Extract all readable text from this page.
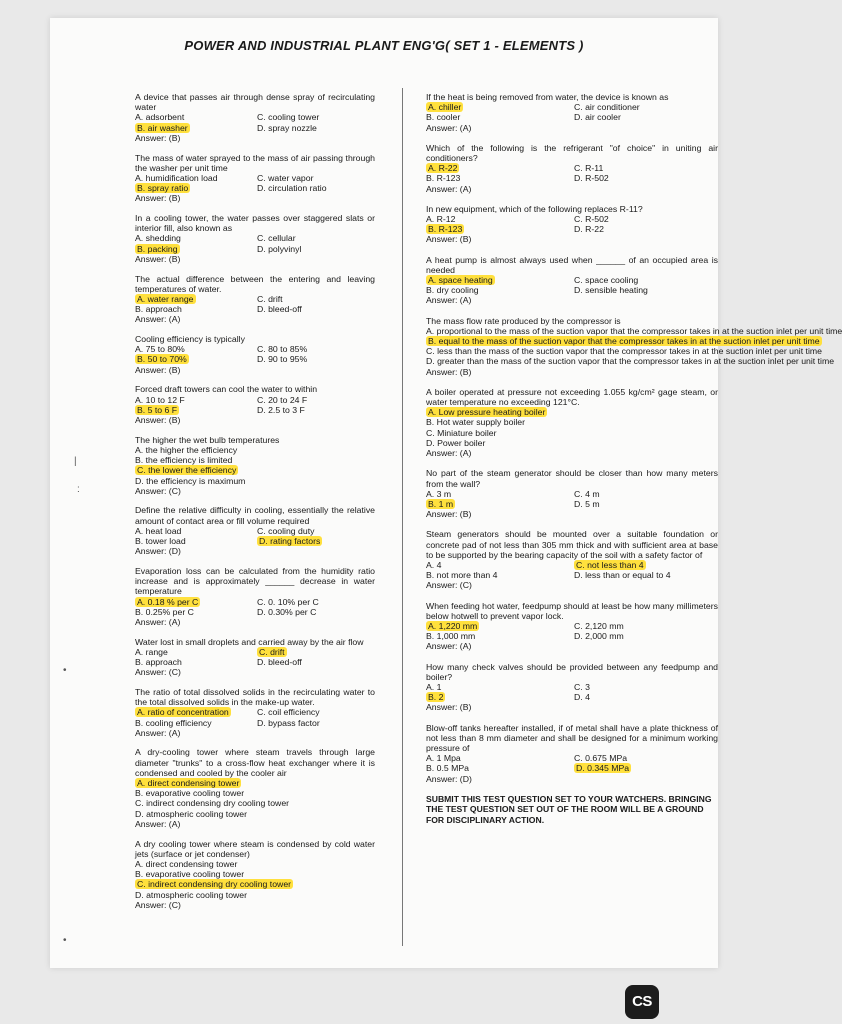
POWER AND INDUSTRIAL PLANT ENG'G( SET 1 - ELEMENTS )
A device that passes air through dense spray of recirculating water
A. adsorbent	C. cooling tower
B. air washer	D. spray nozzle
Answer: (B)
The mass of water sprayed to the mass of air passing through the washer per unit time
A. humidification load	C. water vapor
B. spray ratio	D. circulation ratio
Answer: (B)
In a cooling tower, the water passes over staggered slats or interior fill, also known as
A. shedding	C. cellular
B. packing	D. polyvinyl
Answer: (B)
The actual difference between the entering and leaving temperatures of water.
A. water range	C. drift
B. approach	D. bleed-off
Answer: (A)
Cooling efficiency is typically
A. 75 to 80%	C. 80 to 85%
B. 50 to 70%	D. 90 to 95%
Answer: (B)
Forced draft towers can cool the water to within
A. 10 to 12 F	C. 20 to 24 F
B. 5 to 6 F	D. 2.5 to 3 F
Answer: (B)
The higher the wet bulb temperatures
A. the higher the efficiency
B. the efficiency is limited
C. the lower the efficiency
D. the efficiency is maximum
Answer: (C)
Define the relative difficulty in cooling, essentially the relative amount of contact area or fill volume required
A. heat load	C. cooling duty
B. tower load	D. rating factors
Answer: (D)
Evaporation loss can be calculated from the humidity ratio increase and is approximately ______ decrease in water temperature
A. 0.18 % per C	C. 0. 10% per C
B. 0.25% per C	D. 0.30% per C
Answer: (A)
Water lost in small droplets and carried away by the air flow
A. range	C. drift
B. approach	D. bleed-off
Answer: (C)
The ratio of total dissolved solids in the recirculating water to the total dissolved solids in the make-up water.
A. ratio of concentration	C. coil efficiency
B. cooling efficiency	D. bypass factor
Answer: (A)
A dry-cooling tower where steam travels through large diameter "trunks" to a cross-flow heat exchanger where it is condensed and cooled by the cooler air
A. direct condensing tower
B. evaporative cooling tower
C. indirect condensing dry cooling tower
D. atmospheric cooling tower
Answer: (A)
A dry cooling tower where steam is condensed by cold water jets (surface or jet condenser)
A. direct condensing tower
B. evaporative cooling tower
C. indirect condensing dry cooling tower
D. atmospheric cooling tower
Answer: (C)
If the heat is being removed from water, the device is known as
A. chiller	C. air conditioner
B. cooler	D. air cooler
Answer: (A)
Which of the following is the refrigerant "of choice" in uniting air conditioners?
A. R-22	C. R-11
B. R-123	D. R-502
Answer: (A)
In new equipment, which of the following replaces R-11?
A. R-12	C. R-502
B. R-123	D. R-22
Answer: (B)
A heat pump is almost always used when ______ of an occupied area is needed
A. space heating	C. space cooling
B. dry cooling	D. sensible heating
Answer: (A)
The mass flow rate produced by the compressor is
A. proportional to the mass of the suction vapor that the compressor takes in at the suction inlet per unit time
B. equal to the mass of the suction vapor that the compressor takes in at the suction inlet per unit time
C. less than the mass of the suction vapor that the compressor takes in at the suction inlet per unit time
D. greater than the mass of the suction vapor that the compressor takes in at the suction inlet per unit time
Answer: (B)
A boiler operated at pressure not exceeding 1.055 kg/cm² gage steam, or water temperature no exceeding 121°C.
A. Low pressure heating boiler
B. Hot water supply boiler
C. Miniature boiler
D. Power boiler
Answer: (A)
No part of the steam generator should be closer than how many meters from the wall?
A. 3 m	C. 4 m
B. 1 m	D. 5 m
Answer: (B)
Steam generators should be mounted over a suitable foundation or concrete pad of not less than 305 mm thick and with sufficient area at base to be supported by the bearing capacity of the soil with a safety factor of
A. 4	C. not less than 4
B. not more than 4	D. less than or equal to 4
Answer: (C)
When feeding hot water, feedpump should at least be how many millimeters below hotwell to prevent vapor lock.
A. 1,220 mm	C. 2,120 mm
B. 1,000 mm	D. 2,000 mm
Answer: (A)
How many check valves should be provided between any feedpump and boiler?
A. 1	C. 3
B. 2	D. 4
Answer: (B)
Blow-off tanks hereafter installed, if of metal shall have a plate thickness of not less than 8 mm diameter and shall be designed for a minimum working pressure of
A. 1 Mpa	C. 0.675 MPa
B. 0.5 MPa	D. 0.345 MPa
Answer: (D)
SUBMIT THIS TEST QUESTION SET TO YOUR WATCHERS. BRINGING THE TEST QUESTION SET OUT OF THE ROOM WILL BE A GROUND FOR DISCIPLINARY ACTION.
|
:
•
•
CS
